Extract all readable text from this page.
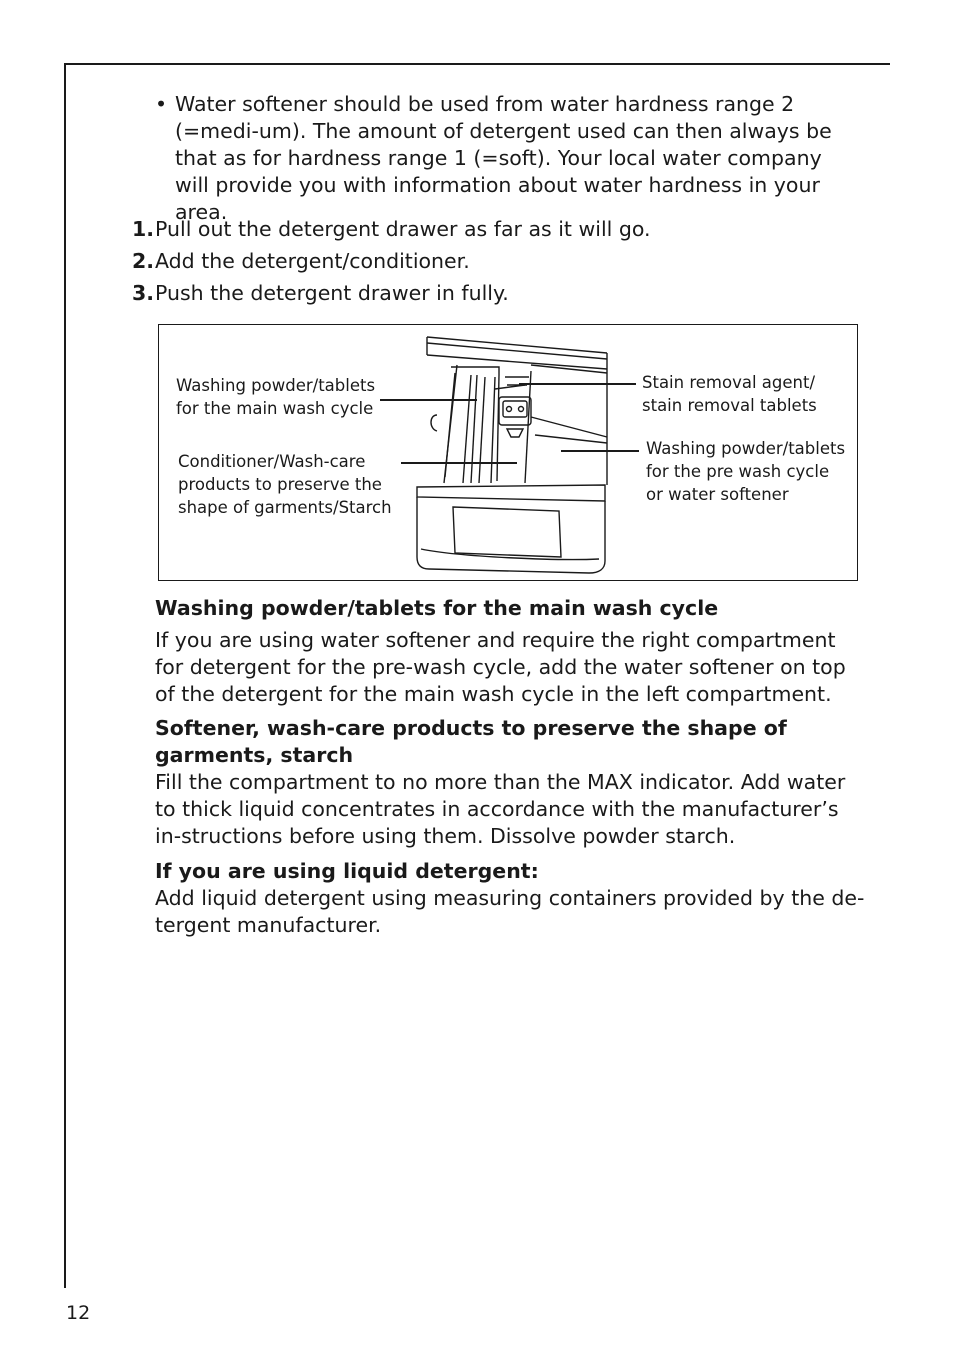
• Water softener should be used from water hardness range 2 (=medi-um). The amount of detergent used can then always be that as for hardness range 1 (=soft). Your local water company will provide you with information about water hardness in your area.
1. Pull out the detergent drawer as far as it will go.
2. Add the detergent/conditioner.
3. Push the detergent drawer in fully.
Washing powder/tablets
for the main wash cycle
Conditioner/Wash-care
products to preserve the
shape of garments/Starch
Stain removal agent/
stain removal tablets
Washing powder/tablets
for the pre wash cycle
or water softener
Washing powder/tablets for the main wash cycle
If you are using water softener and require the right compartment for detergent for the pre-wash cycle, add the water softener on top of the detergent for the main wash cycle in the left compartment.
Softener, wash-care products to preserve the shape of garments, starch
Fill the compartment to no more than the MAX indicator. Add water to thick liquid concentrates in accordance with the manufacturer’s in-structions before using them. Dissolve powder starch.
If you are using liquid detergent:
Add liquid detergent using measuring containers provided by the de-tergent manufacturer.
12
